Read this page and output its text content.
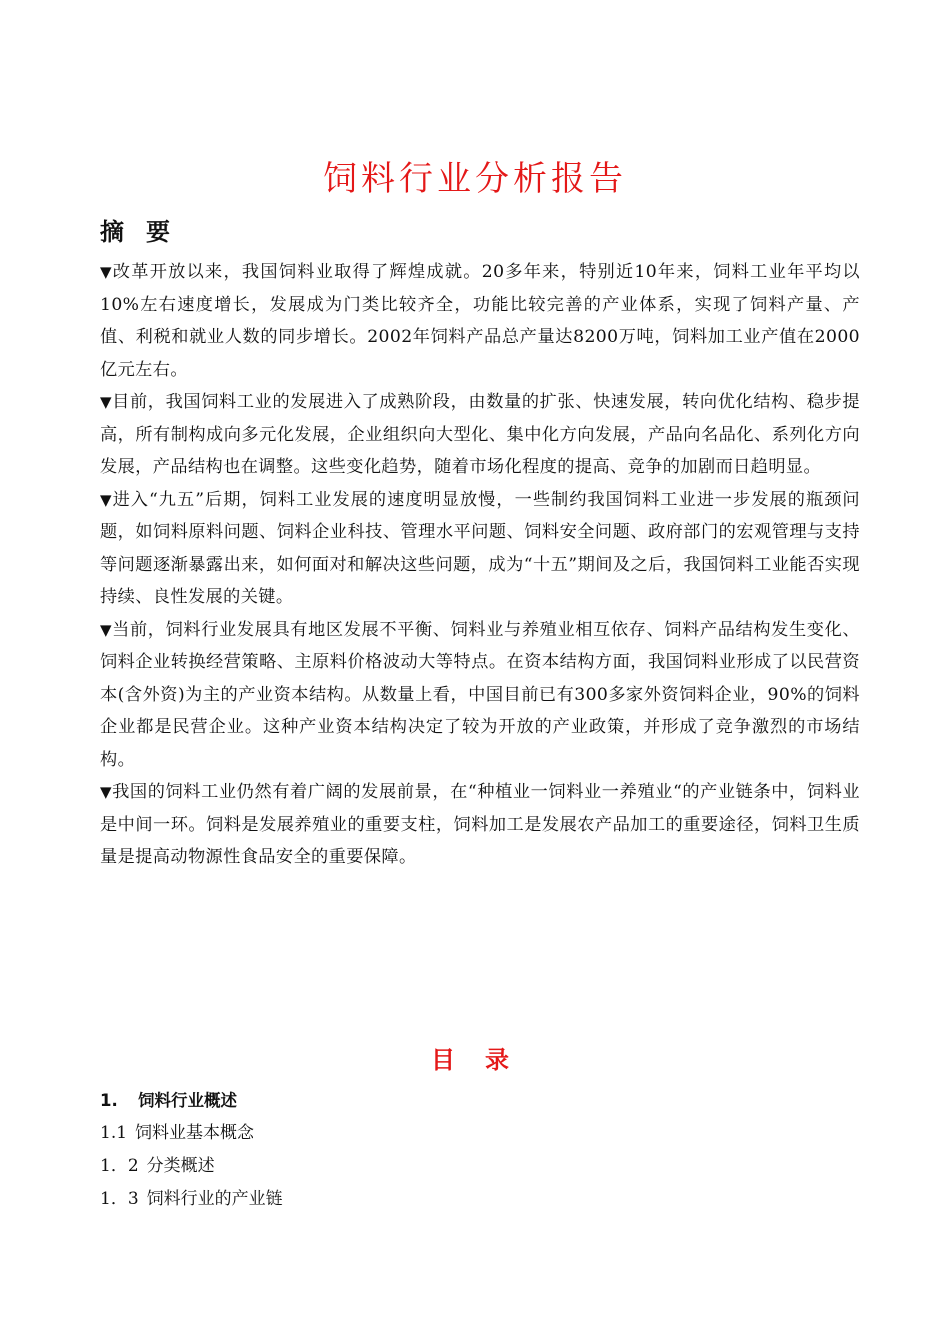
饲料行业分析报告
摘要

▼改革开放以来，我国饲料业取得了辉煌成就。20多年来，特别近10年来，饲料工业年平均以10%左右速度增长，发展成为门类比较齐全，功能比较完善的产业体系，实现了饲料产量、产值、利税和就业人数的同步增长。2002年饲料产品总产量达8200万吨，饲料加工业产值在2000亿元左右。

▼目前，我国饲料工业的发展进入了成熟阶段，由数量的扩张、快速发展，转向优化结构、稳步提高，所有制构成向多元化发展，企业组织向大型化、集中化方向发展，产品向名品化、系列化方向发展，产品结构也在调整。这些变化趋势，随着市场化程度的提高、竞争的加剧而日趋明显。

▼进入“九五”后期，饲料工业发展的速度明显放慢，一些制约我国饲料工业进一步发展的瓶颈问题，如饲料原料问题、饲料企业科技、管理水平问题、饲料安全问题、政府部门的宏观管理与支持等问题逐渐暴露出来，如何面对和解决这些问题，成为“十五”期间及之后，我国饲料工业能否实现持续、良性发展的关键。

▼当前，饲料行业发展具有地区发展不平衡、饲料业与养殖业相互依存、饲料产品结构发生变化、饲料企业转换经营策略、主原料价格波动大等特点。在资本结构方面，我国饲料业形成了以民营资本(含外资)为主的产业资本结构。从数量上看，中国目前已有300多家外资饲料企业，90%的饲料企业都是民营企业。这种产业资本结构决定了较为开放的产业政策，并形成了竞争激烈的市场结构。

▼我国的饲料工业仍然有着广阔的发展前景，在“种植业一饲料业一养殖业“的产业链条中，饲料业是中间一环。饲料是发展养殖业的重要支柱，饲料加工是发展农产品加工的重要途径，饲料卫生质量是提高动物源性食品安全的重要保障。

目录
1. 饲料行业概述
1.1 饲料业基本概念
1．2 分类概述
1．3 饲料行业的产业链
